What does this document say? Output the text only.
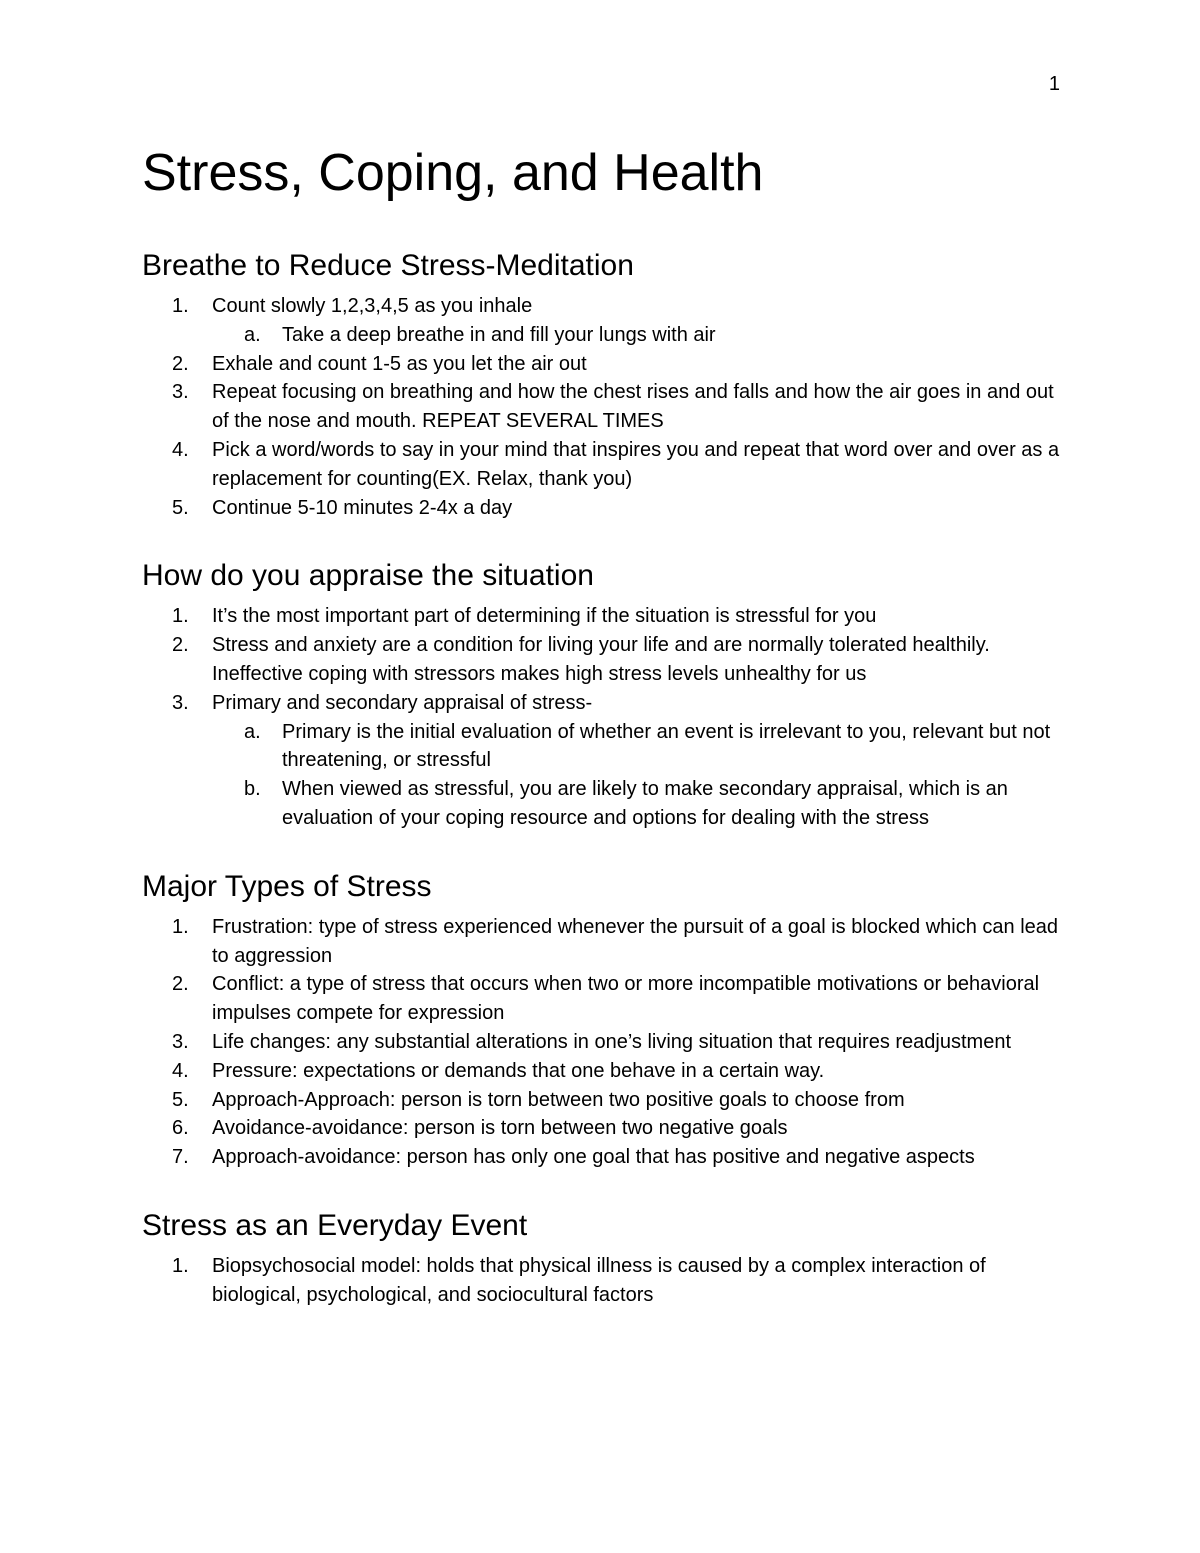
1
Stress, Coping, and Health
Breathe to Reduce Stress-Meditation
1.	Count slowly 1,2,3,4,5 as you inhale
a.	Take a deep breathe in and fill your lungs with air
2.	Exhale and count 1-5 as you let the air out
3.	Repeat focusing on breathing and how the chest rises and falls and how the air goes in and out of the nose and mouth. REPEAT SEVERAL TIMES
4.	Pick a word/words to say in your mind that inspires you and repeat that word over and over as a replacement for counting(EX. Relax, thank you)
5.	Continue 5-10 minutes 2-4x a day
How do you appraise the situation
1.	It’s the most important part of determining if the situation is stressful for you
2.	Stress and anxiety are a condition for living your life and are normally tolerated healthily. Ineffective coping with stressors makes high stress levels unhealthy for us
3.	Primary and secondary appraisal of stress-
a.	Primary is the initial evaluation of whether an event is irrelevant to you, relevant but not threatening, or stressful
b.	When viewed as stressful, you are likely to make secondary appraisal, which is an evaluation of your coping resource and options for dealing with the stress
Major Types of Stress
1.	Frustration: type of stress experienced whenever the pursuit of a goal is blocked which can lead to aggression
2.	Conflict: a type of stress that occurs when two or more incompatible motivations or behavioral impulses compete for expression
3.	Life changes: any substantial alterations in one’s living situation that requires readjustment
4.	Pressure: expectations or demands that one behave in a certain way.
5.	Approach-Approach: person is torn between two positive goals to choose from
6.	Avoidance-avoidance: person is torn between two negative goals
7.	Approach-avoidance: person has only one goal that has positive and negative aspects
Stress as an Everyday Event
1.	Biopsychosocial model: holds that physical illness is caused by a complex interaction of biological, psychological, and sociocultural factors
